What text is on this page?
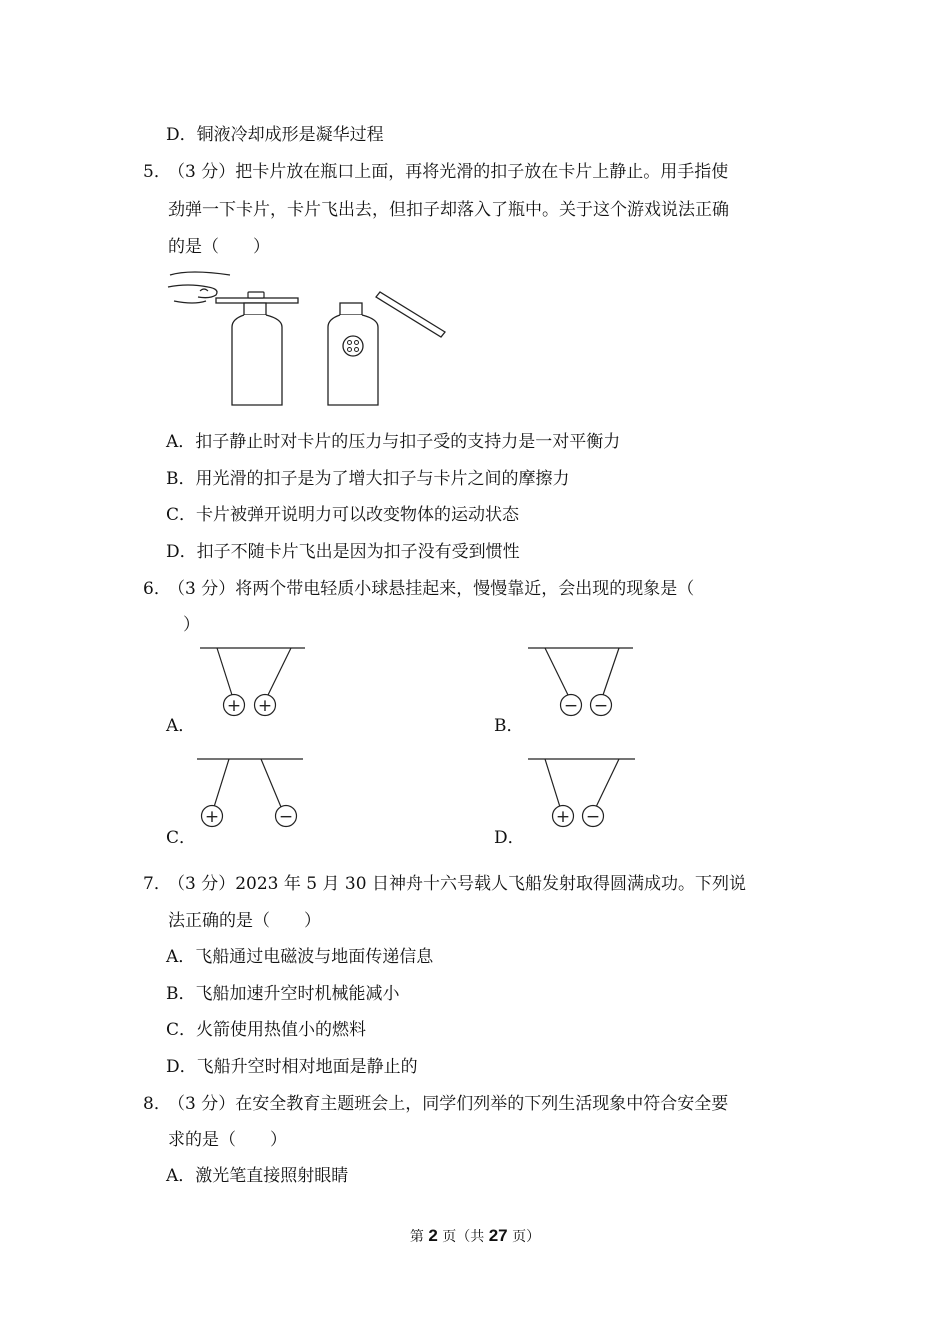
D．铜液冷却成形是凝华过程
5．
（3 分）把卡片放在瓶口上面，再将光滑的扣子放在卡片上静止。用手指使
劲弹一下卡片，卡片飞出去，但扣子却落入了瓶中。关于这个游戏说法正确
的是（　　）
A．扣子静止时对卡片的压力与扣子受的支持力是一对平衡力
B．用光滑的扣子是为了增大扣子与卡片之间的摩擦力
C．卡片被弹开说明力可以改变物体的运动状态
D．扣子不随卡片飞出是因为扣子没有受到惯性
6．
（3 分）将两个带电轻质小球悬挂起来，慢慢靠近，会出现的现象是（
）
+ +
A．
− −
B．
+	−
C．
+ −
D．
7．
（3 分）2023 年 5 月 30 日神舟十六号载人飞船发射取得圆满成功。下列说
法正确的是（　　）
A．飞船通过电磁波与地面传递信息
B．飞船加速升空时机械能减小
C．火箭使用热值小的燃料
D．飞船升空时相对地面是静止的
8．
（3 分）在安全教育主题班会上，同学们列举的下列生活现象中符合安全要
求的是（　　）
A．激光笔直接照射眼睛
第 2 页（共 27 页）
